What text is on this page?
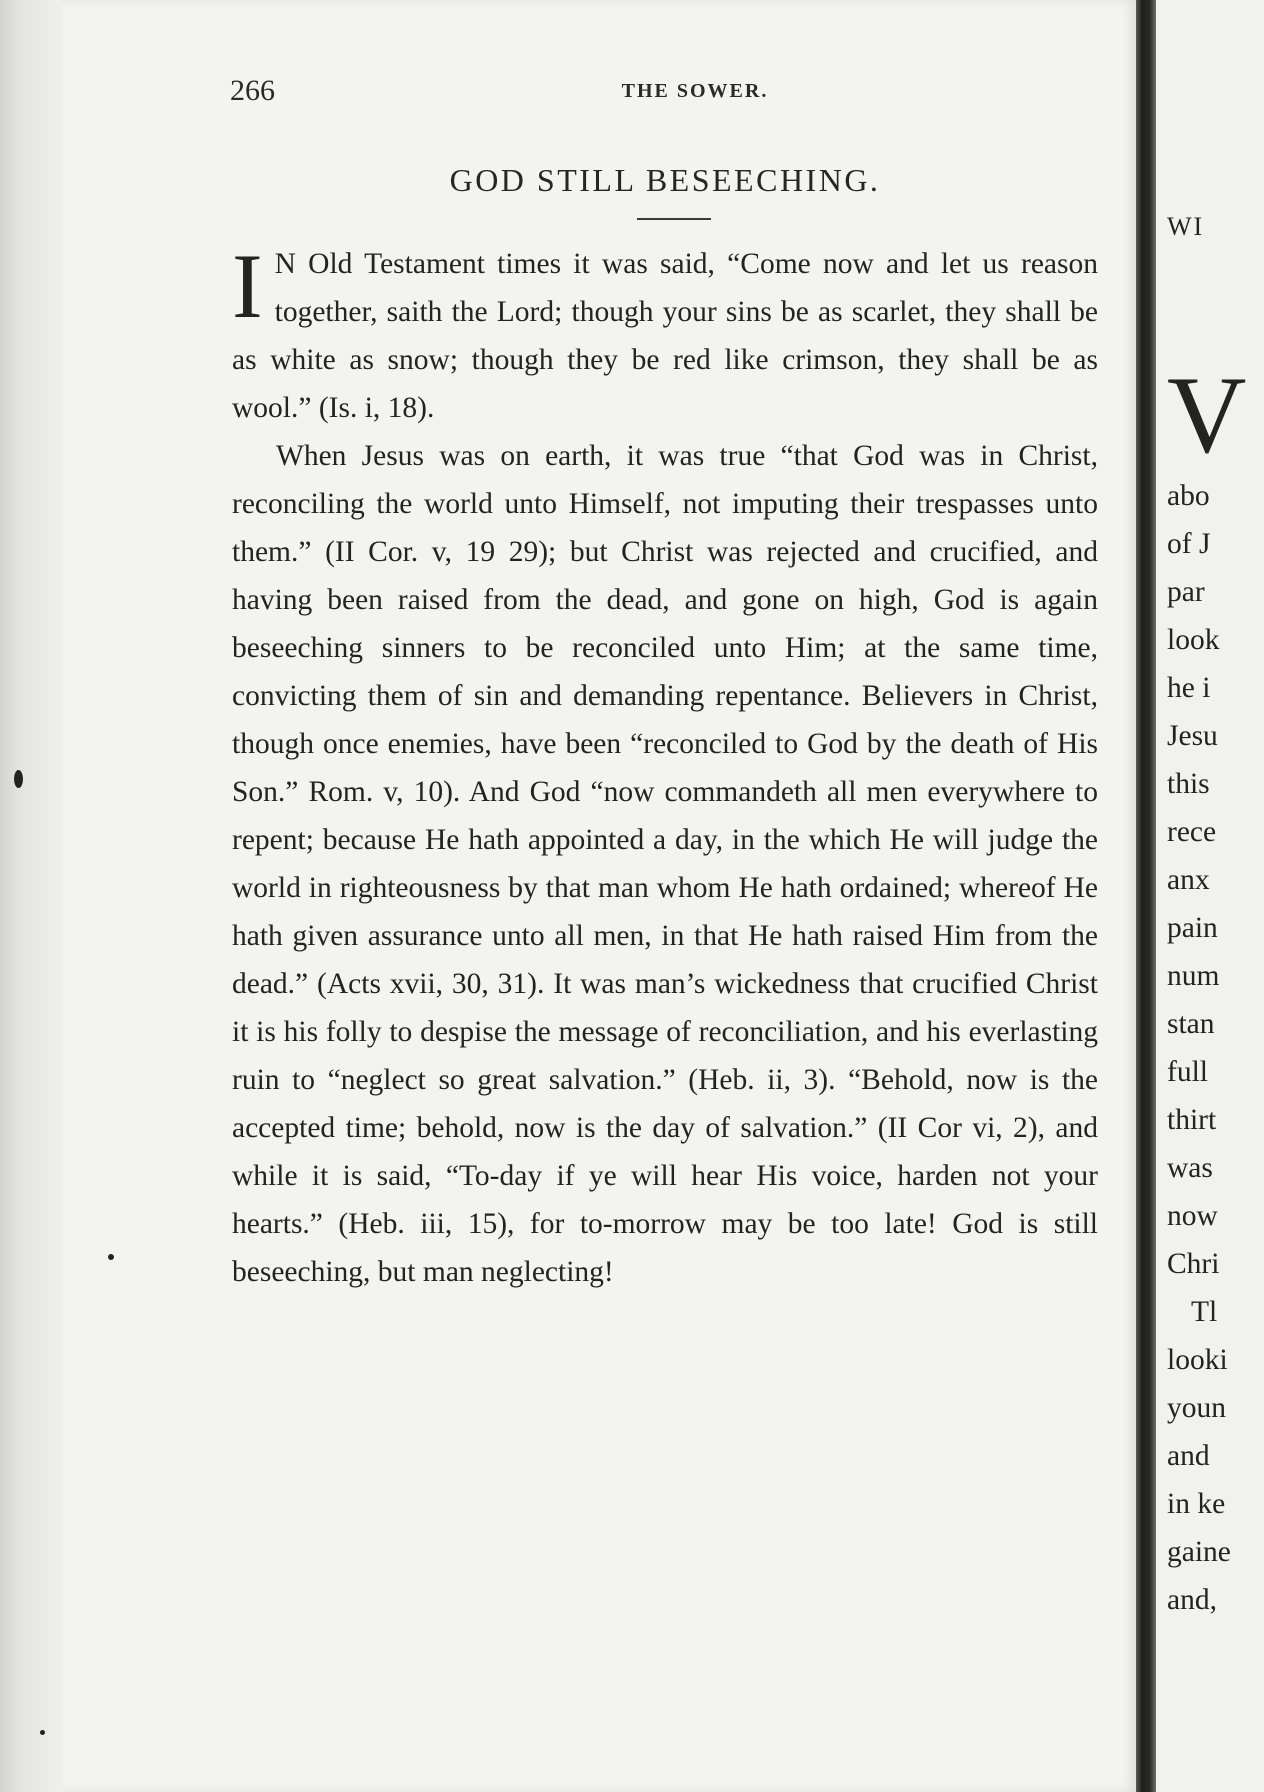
266	THE SOWER.
GOD STILL BESEECHING.

I N Old Testament times it was said, “Come now and let us reason together, saith the Lord; though your sins be as scarlet, they shall be as white as snow; though they be red like crimson, they shall be as wool.” (Is. i, 18).

When Jesus was on earth, it was true “that God was in Christ, reconciling the world unto Himself, not imputing their trespasses unto them.” (II Cor. v, 19 29); but Christ was rejected and crucified, and having been raised from the dead, and gone on high, God is again beseeching sinners to be reconciled unto Him; at the same time, convicting them of sin and demanding repentance. Believers in Christ, though once enemies, have been “reconciled to God by the death of His Son.” Rom. v, 10). And God “now commandeth all men everywhere to repent; because He hath appointed a day, in the which He will judge the world in righteousness by that man whom He hath ordained; whereof He hath given assurance unto all men, in that He hath raised Him from the dead.” (Acts xvii, 30, 31). It was man’s wickedness that crucified Christ it is his folly to despise the message of reconciliation, and his everlasting ruin to “neglect so great salvation.” (Heb. ii, 3). “Behold, now is the accepted time; behold, now is the day of salvation.” (II Cor vi, 2), and while it is said, “To-day if ye will hear His voice, harden not your hearts.” (Heb. iii, 15), for to-morrow may be too late! God is still beseeching, but man neglecting!

WI
V
abo
of J
par
look
he i
Jesu
this
rece
anx
pain
num
stan
full
thirt
was
now
Chri
Tl
looki
youn
and
in ke
gaine
and,
